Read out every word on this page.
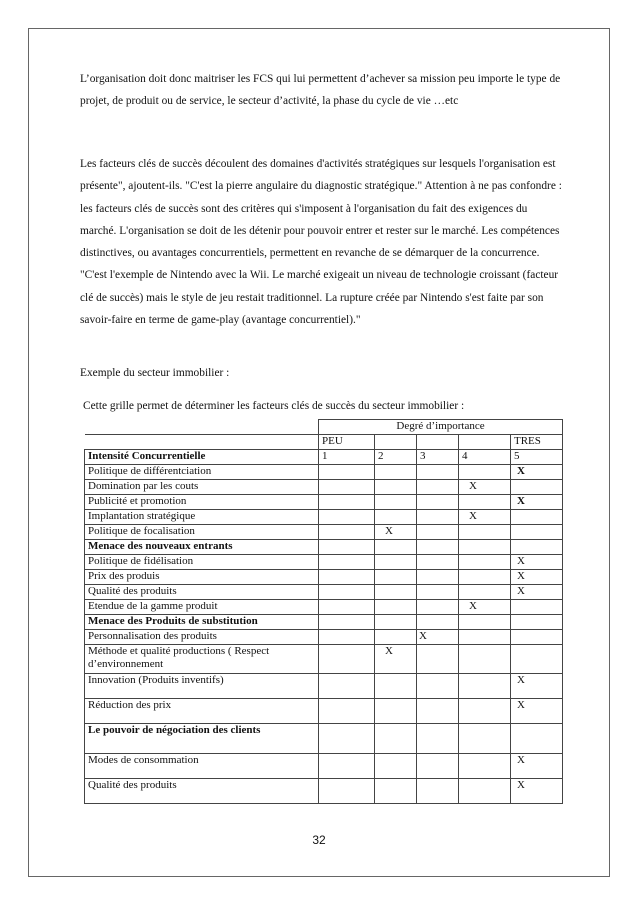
L’organisation doit donc maitriser les FCS qui lui permettent d’achever sa mission peu importe le type de projet, de produit ou de service, le secteur d’activité, la phase du cycle de vie …etc

Les facteurs clés de succès découlent des domaines d'activités stratégiques sur lesquels l'organisation est présente", ajoutent-ils. "C'est la pierre angulaire du diagnostic stratégique." Attention à ne pas confondre : les facteurs clés de succès sont des critères qui s'imposent à l'organisation du fait des exigences du marché. L'organisation se doit de les détenir pour pouvoir entrer et rester sur le marché. Les compétences distinctives, ou avantages concurrentiels, permettent en revanche de se démarquer de la concurrence. "C'est l'exemple de Nintendo avec la Wii. Le marché exigeait un niveau de technologie croissant (facteur clé de succès) mais le style de jeu restait traditionnel. La rupture créée par Nintendo s'est faite par son savoir-faire en terme de game-play (avantage concurrentiel)."

Exemple du secteur immobilier :

Cette grille permet de déterminer les facteurs clés de succès du secteur immobilier :

	Degré d’importance				
	PEU				TRES
Intensité Concurrentielle	1	2	3	4	5
Politique de différentciation					X
Domination par les couts				X	
Publicité et promotion					X
Implantation stratégique				X	
Politique de focalisation		X			
Menace des nouveaux entrants					
Politique de fidélisation					X
Prix des produis					X
Qualité des produits					X
Etendue de la gamme produit				X	
Menace des Produits de substitution					
Personnalisation des produits			X		
Méthode et qualité productions ( Respect d’environnement		X			
Innovation (Produits inventifs)					X
Réduction des prix					X
Le pouvoir de négociation des clients					
Modes de consommation					X
Qualité des produits					X
32
